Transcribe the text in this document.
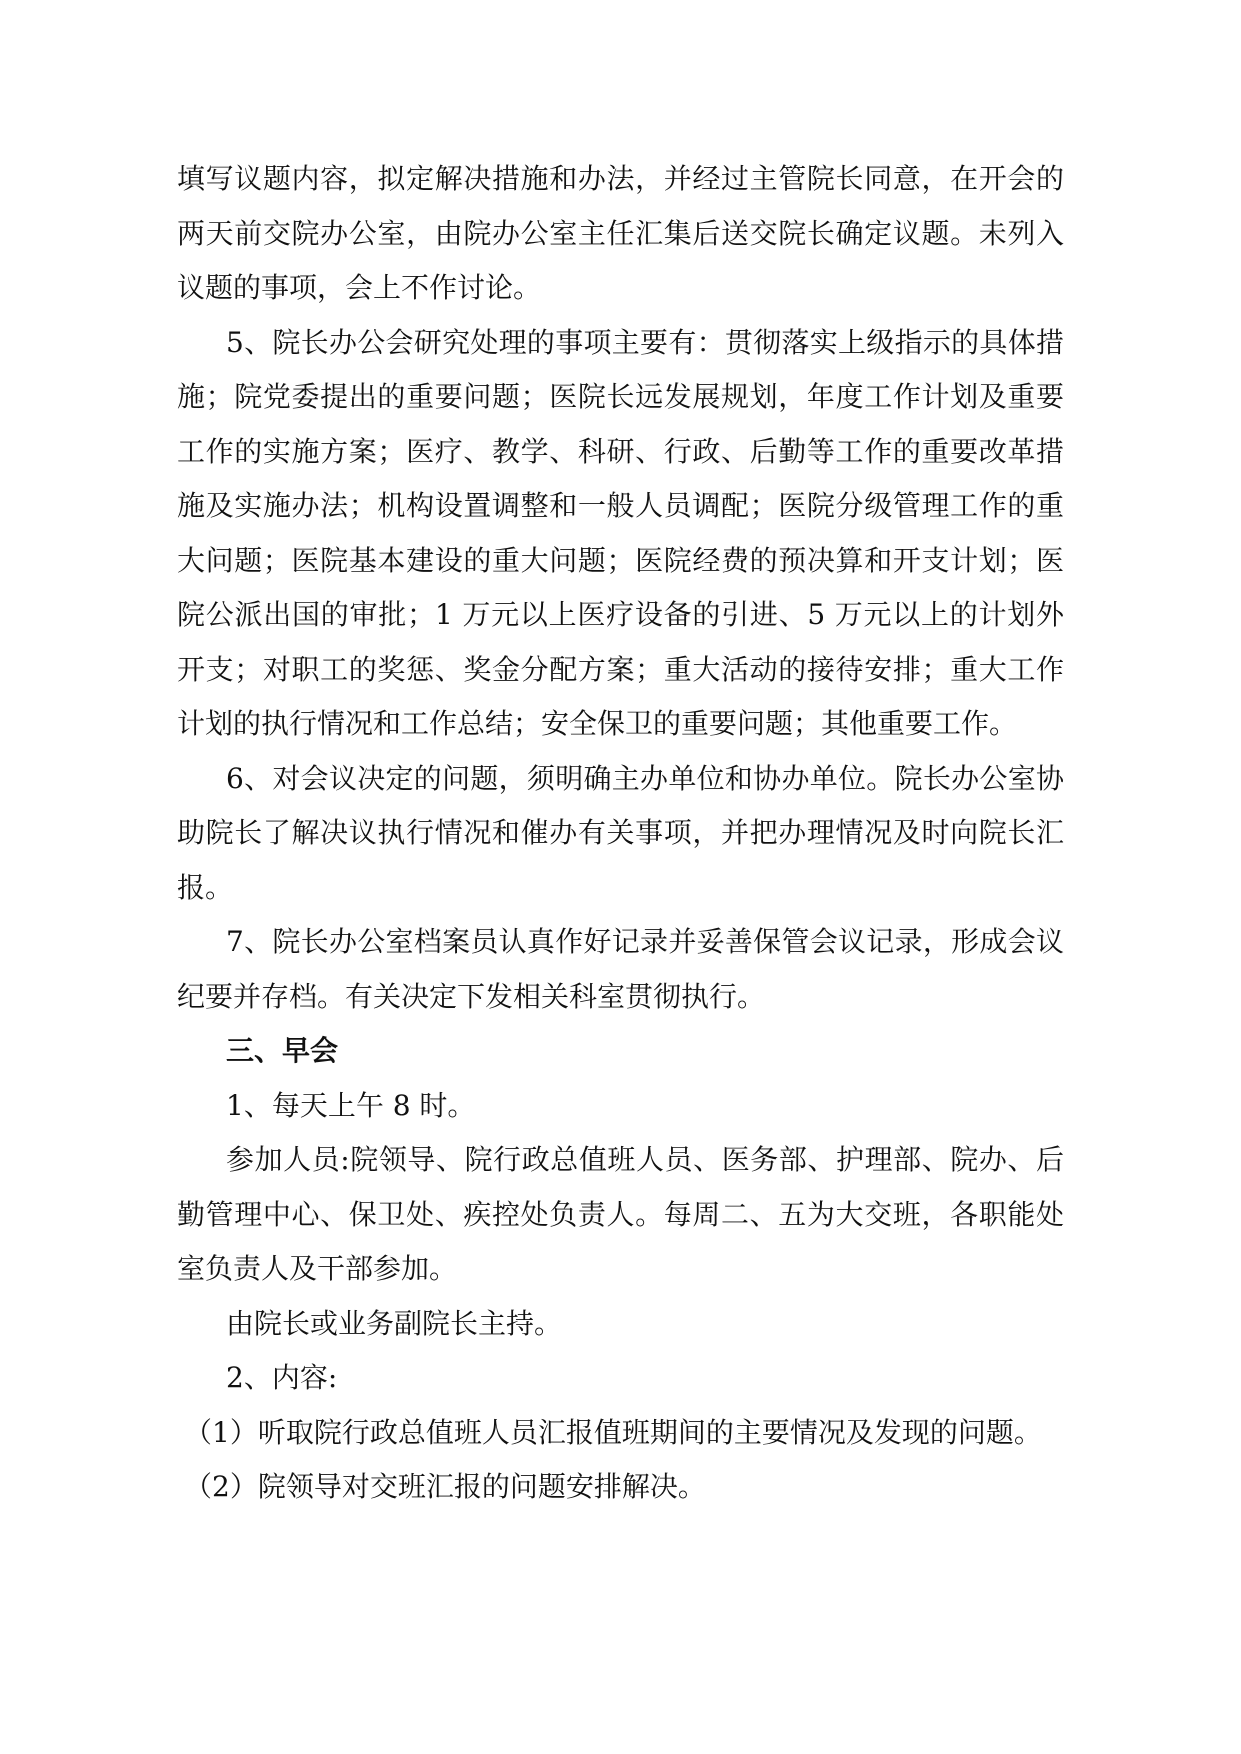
填写议题内容，拟定解决措施和办法，并经过主管院长同意，在开会的两天前交院办公室，由院办公室主任汇集后送交院长确定议题。未列入议题的事项，会上不作讨论。

5、院长办公会研究处理的事项主要有：贯彻落实上级指示的具体措施；院党委提出的重要问题；医院长远发展规划，年度工作计划及重要工作的实施方案；医疗、教学、科研、行政、后勤等工作的重要改革措施及实施办法；机构设置调整和一般人员调配；医院分级管理工作的重大问题；医院基本建设的重大问题；医院经费的预决算和开支计划；医院公派出国的审批；1 万元以上医疗设备的引进、5 万元以上的计划外开支；对职工的奖惩、奖金分配方案；重大活动的接待安排；重大工作计划的执行情况和工作总结；安全保卫的重要问题；其他重要工作。

6、对会议决定的问题，须明确主办单位和协办单位。院长办公室协助院长了解决议执行情况和催办有关事项，并把办理情况及时向院长汇报。

7、院长办公室档案员认真作好记录并妥善保管会议记录，形成会议纪要并存档。有关决定下发相关科室贯彻执行。

三、早会

1、每天上午 8 时。

参加人员:院领导、院行政总值班人员、医务部、护理部、院办、后勤管理中心、保卫处、疾控处负责人。每周二、五为大交班，各职能处室负责人及干部参加。

由院长或业务副院长主持。

2、内容:

（1）听取院行政总值班人员汇报值班期间的主要情况及发现的问题。

（2）院领导对交班汇报的问题安排解决。
